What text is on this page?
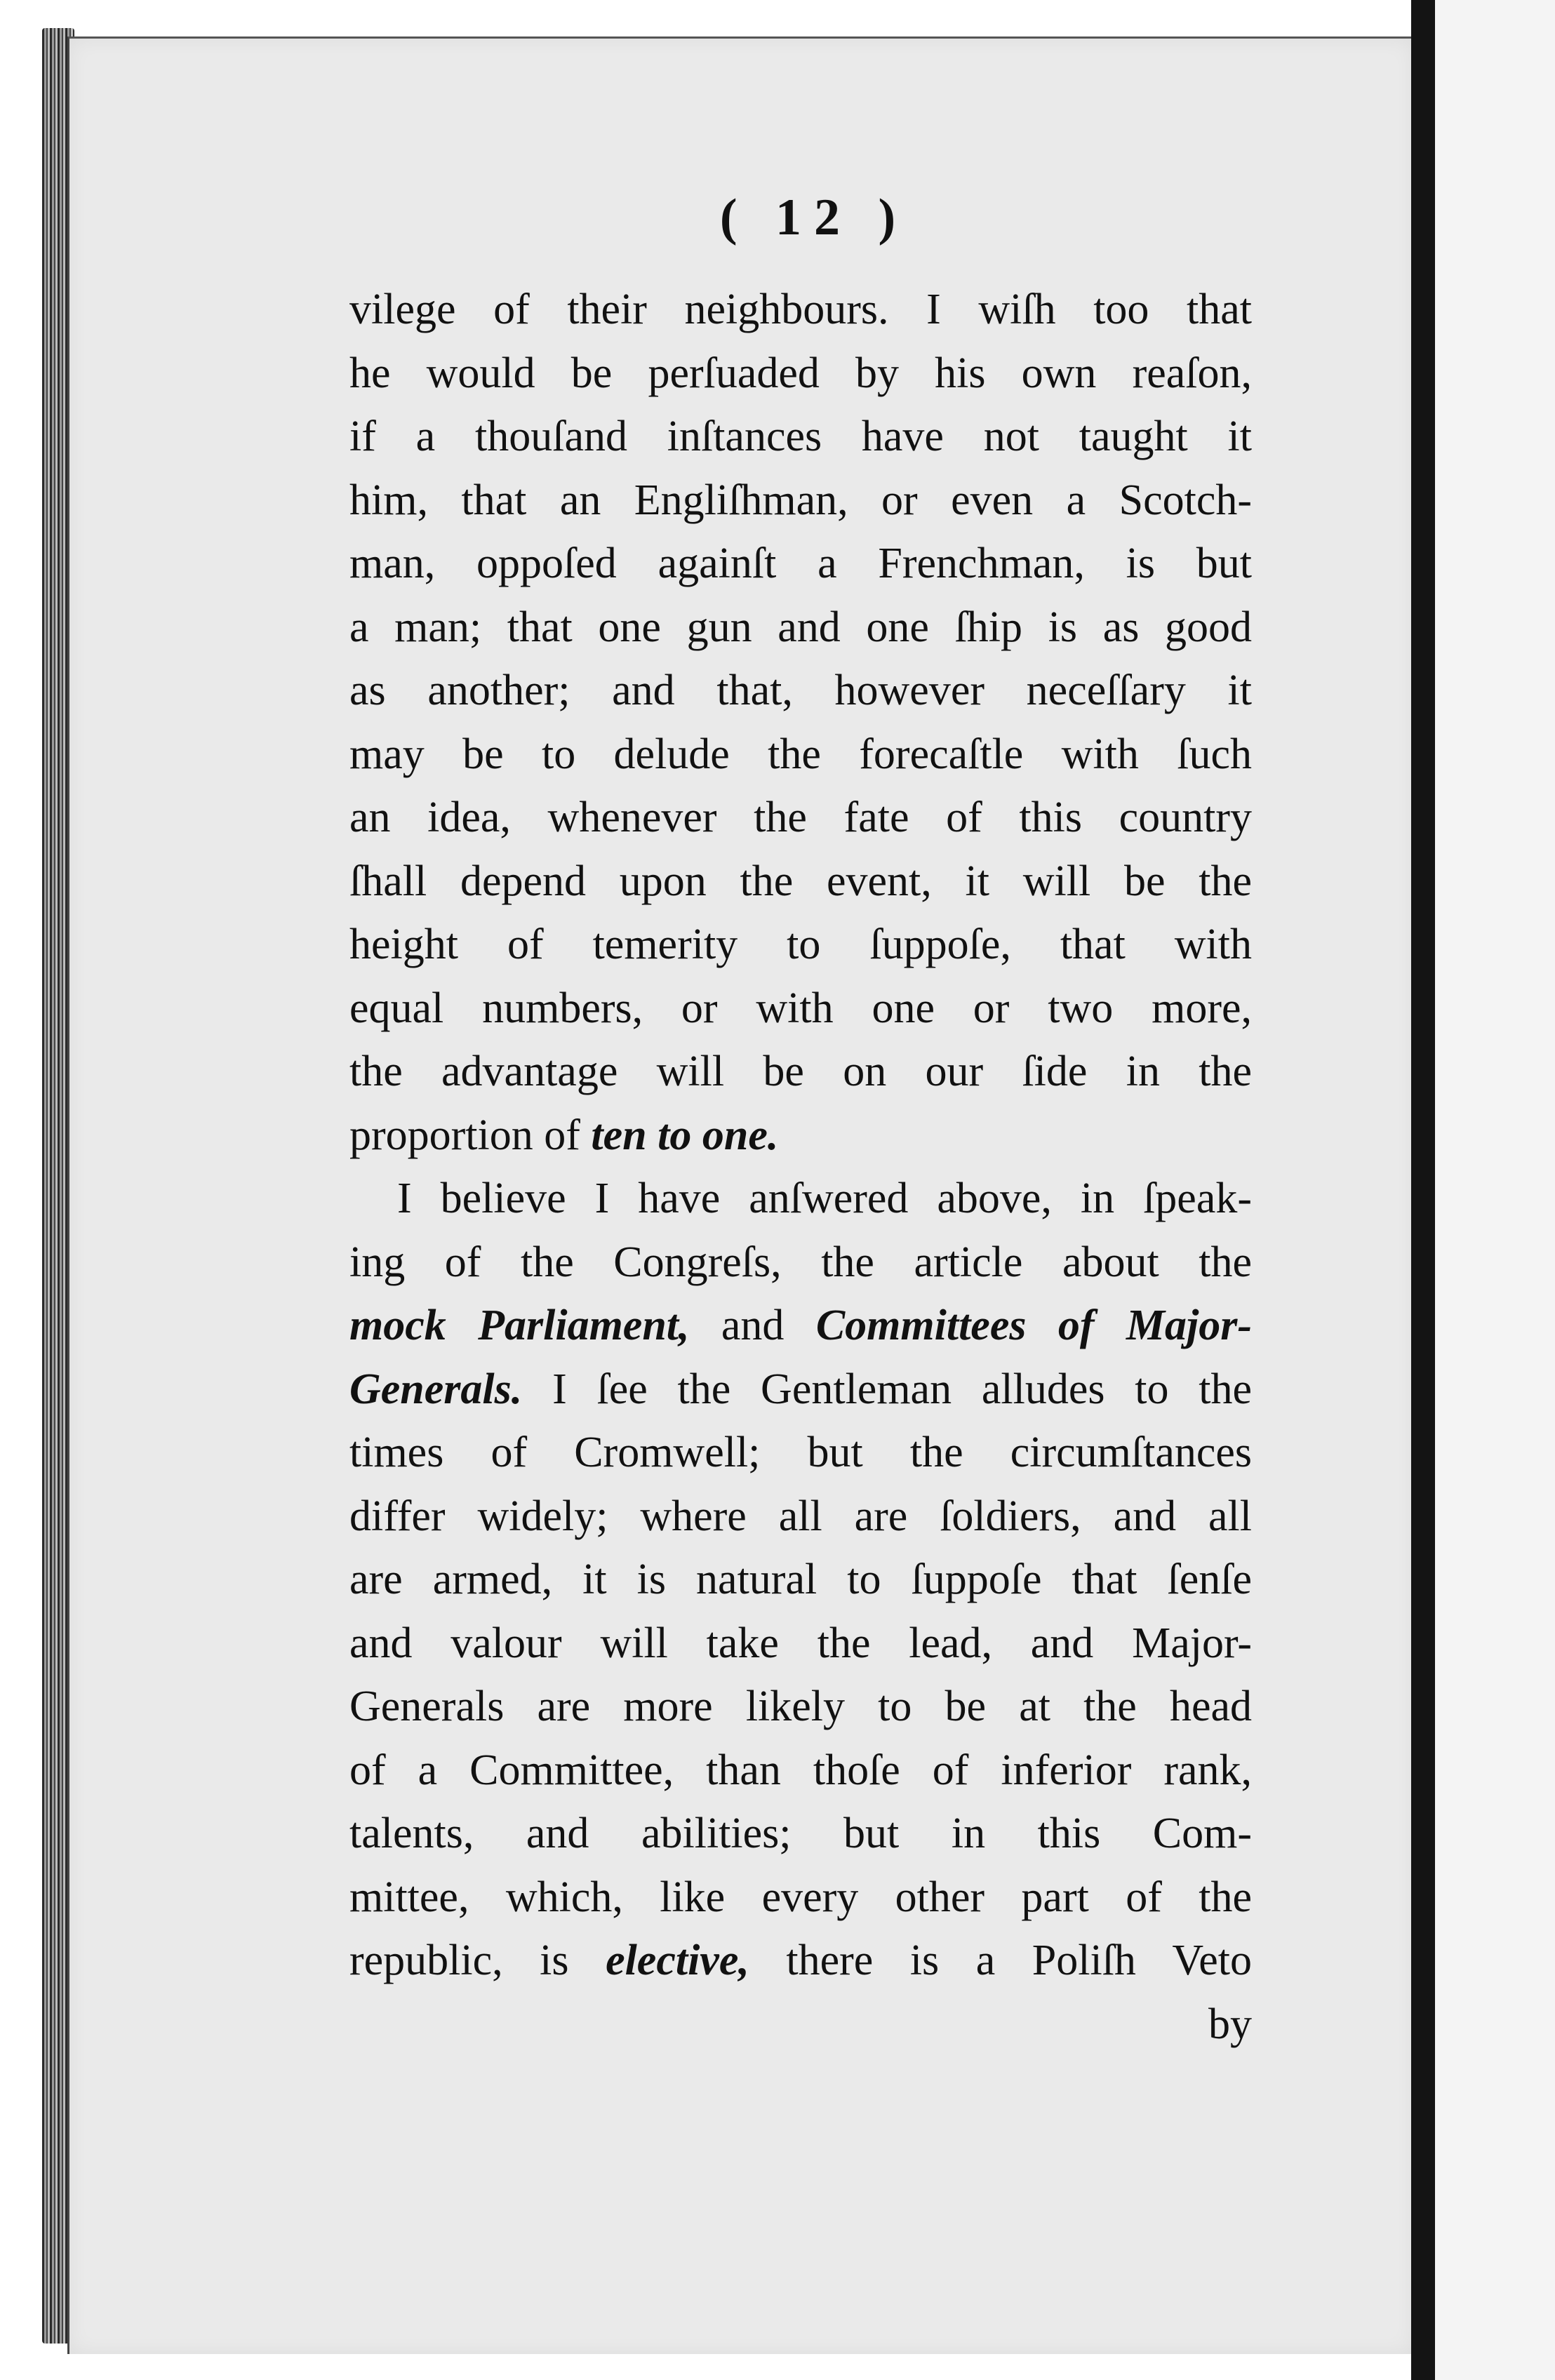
( 12 )
vilege of their neighbours. I wiſh too that
he would be perſuaded by his own reaſon,
if a thouſand inſtances have not taught it
him, that an Engliſhman, or even a Scotch-
man, oppoſed againſt a Frenchman, is but
a man; that one gun and one ſhip is as good
as another; and that, however neceſſary it
may be to delude the forecaſtle with ſuch
an idea, whenever the fate of this country
ſhall depend upon the event, it will be the
height of temerity to ſuppoſe, that with
equal numbers, or with one or two more,
the advantage will be on our ſide in the
proportion of ten to one.
I believe I have anſwered above, in ſpeak-
ing of the Congreſs, the article about the
mock Parliament, and Committees of Major-
Generals. I ſee the Gentleman alludes to the
times of Cromwell; but the circumſtances
differ widely; where all are ſoldiers, and all
are armed, it is natural to ſuppoſe that ſenſe
and valour will take the lead, and Major-
Generals are more likely to be at the head
of a Committee, than thoſe of inferior rank,
talents, and abilities; but in this Com-
mittee, which, like every other part of the
republic, is elective, there is a Poliſh Veto
by
